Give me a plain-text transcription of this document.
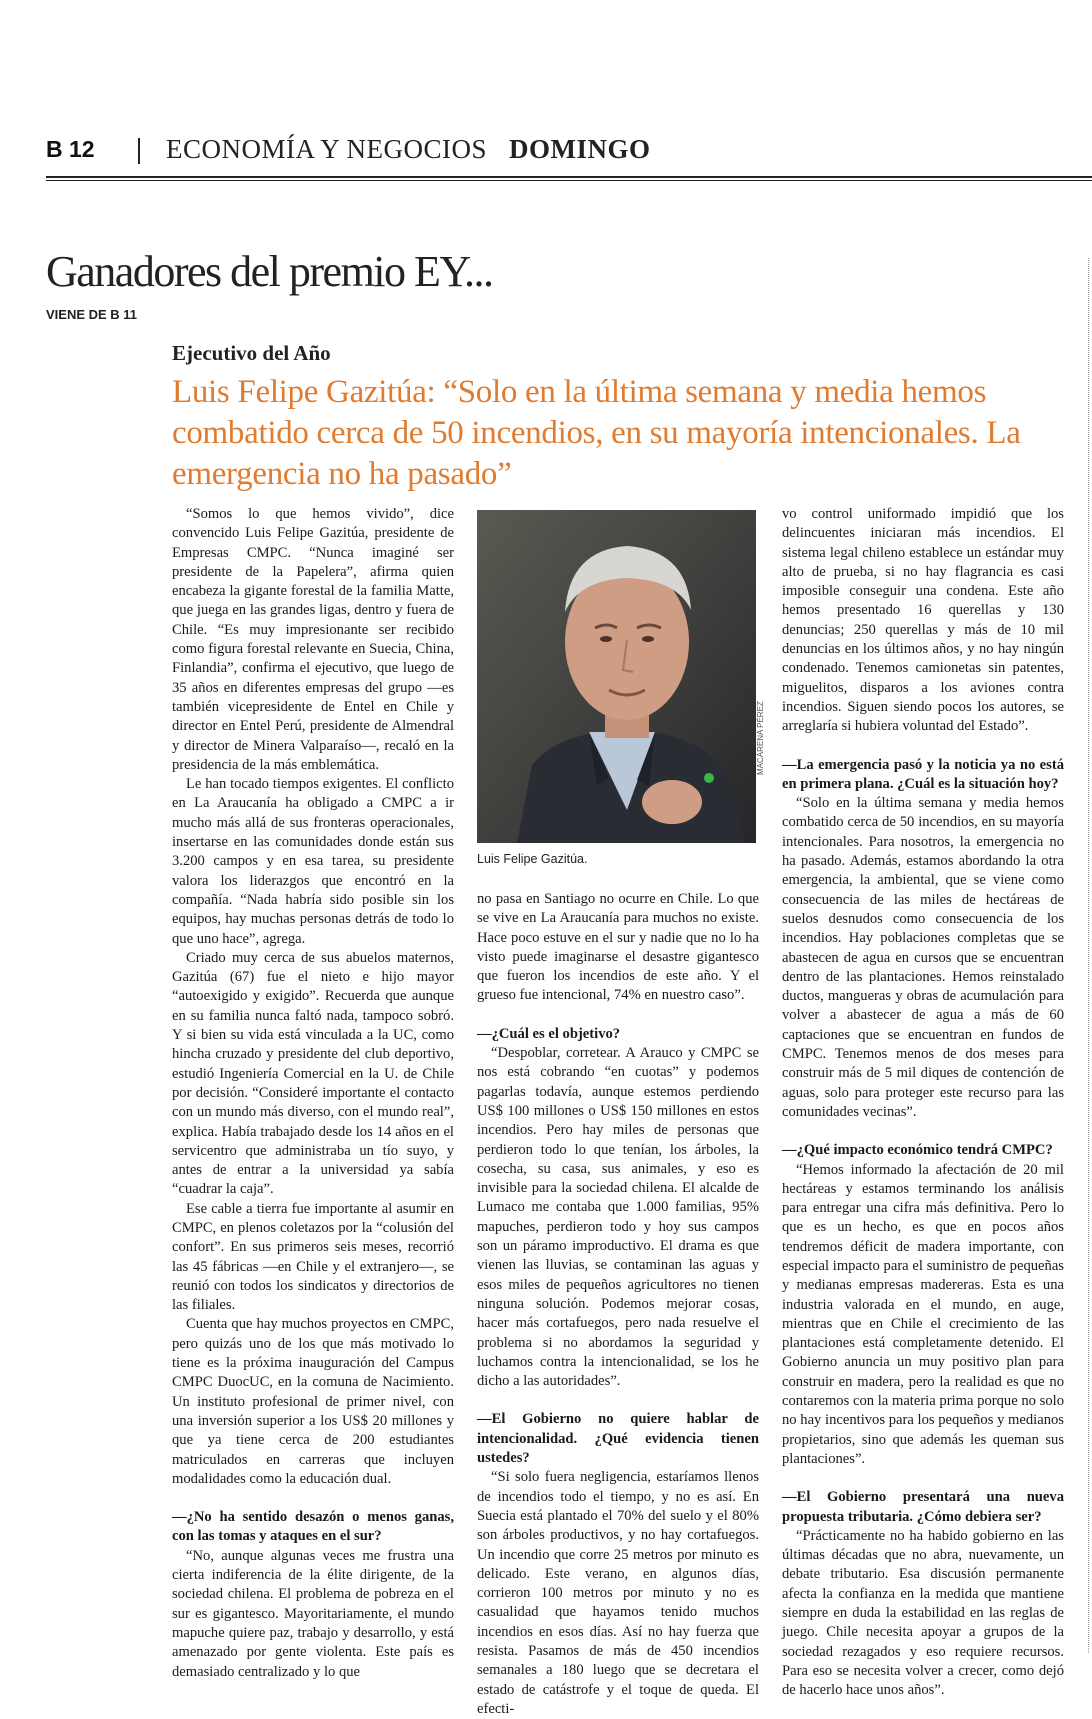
B 12	ECONOMÍA Y NEGOCIOS DOMINGO
Ganadores del premio EY...
VIENE DE B 11
Ejecutivo del Año
Luis Felipe Gazitúa: “Solo en la última semana y media hemos combatido cerca de 50 incendios, en su mayoría intencionales. La emergencia no ha pasado”

“Somos lo que hemos vivido”, dice convencido Luis Felipe Gazitúa, presidente de Empresas CMPC. “Nunca imaginé ser presidente de la Papelera”, afirma quien encabeza la gigante forestal de la familia Matte, que juega en las grandes ligas, dentro y fuera de Chile. “Es muy impresionante ser recibido como figura forestal relevante en Suecia, China, Finlandia”, confirma el ejecutivo, que luego de 35 años en diferentes empresas del grupo —es también vicepresidente de Entel en Chile y director en Entel Perú, presidente de Almendral y director de Minera Valparaíso—, recaló en la presidencia de la más emblemática.

Le han tocado tiempos exigentes. El conflicto en La Araucanía ha obligado a CMPC a ir mucho más allá de sus fronteras operacionales, insertarse en las comunidades donde están sus 3.200 campos y en esa tarea, su presidente valora los liderazgos que encontró en la compañía. “Nada habría sido posible sin los equipos, hay muchas personas detrás de todo lo que uno hace”, agrega.

Criado muy cerca de sus abuelos maternos, Gazitúa (67) fue el nieto e hijo mayor “autoexigido y exigido”. Recuerda que aunque en su familia nunca faltó nada, tampoco sobró. Y si bien su vida está vinculada a la UC, como hincha cruzado y presidente del club deportivo, estudió Ingeniería Comercial en la U. de Chile por decisión. “Consideré importante el contacto con un mundo más diverso, con el mundo real”, explica. Había trabajado desde los 14 años en el servicentro que administraba un tío suyo, y antes de entrar a la universidad ya sabía “cuadrar la caja”.

Ese cable a tierra fue importante al asumir en CMPC, en plenos coletazos por la “colusión del confort”. En sus primeros seis meses, recorrió las 45 fábricas —en Chile y el extranjero—, se reunió con todos los sindicatos y directorios de las filiales.

Cuenta que hay muchos proyectos en CMPC, pero quizás uno de los que más motivado lo tiene es la próxima inauguración del Campus CMPC DuocUC, en la comuna de Nacimiento. Un instituto profesional de primer nivel, con una inversión superior a los US$ 20 millones y que ya tiene cerca de 200 estudiantes matriculados en carreras que incluyen modalidades como la educación dual.

—¿No ha sentido desazón o menos ganas, con las tomas y ataques en el sur?

“No, aunque algunas veces me frustra una cierta indiferencia de la élite dirigente, de la sociedad chilena. El problema de pobreza en el sur es gigantesco. Mayoritariamente, el mundo mapuche quiere paz, trabajo y desarrollo, y está amenazado por gente violenta. Este país es demasiado centralizado y lo que

MACARENA PÉREZ
Luis Felipe Gazitúa.

no pasa en Santiago no ocurre en Chile. Lo que se vive en La Araucanía para muchos no existe. Hace poco estuve en el sur y nadie que no lo ha visto puede imaginarse el desastre gigantesco que fueron los incendios de este año. Y el grueso fue intencional, 74% en nuestro caso”.

—¿Cuál es el objetivo?

“Despoblar, corretear. A Arauco y CMPC se nos está cobrando “en cuotas” y podemos pagarlas todavía, aunque estemos perdiendo US$ 100 millones o US$ 150 millones en estos incendios. Pero hay miles de personas que perdieron todo lo que tenían, los árboles, la cosecha, su casa, sus animales, y eso es invisible para la sociedad chilena. El alcalde de Lumaco me contaba que 1.000 familias, 95% mapuches, perdieron todo y hoy sus campos son un páramo improductivo. El drama es que vienen las lluvias, se contaminan las aguas y esos miles de pequeños agricultores no tienen ninguna solución. Podemos mejorar cosas, hacer más cortafuegos, pero nada resuelve el problema si no abordamos la seguridad y luchamos contra la intencionalidad, se los he dicho a las autoridades”.

—El Gobierno no quiere hablar de intencionalidad. ¿Qué evidencia tienen ustedes?

“Si solo fuera negligencia, estaríamos llenos de incendios todo el tiempo, y no es así. En Suecia está plantado el 70% del suelo y el 80% son árboles productivos, y no hay cortafuegos. Un incendio que corre 25 metros por minuto es delicado. Este verano, en algunos días, corrieron 100 metros por minuto y no es casualidad que hayamos tenido muchos incendios en esos días. Así no hay fuerza que resista. Pasamos de más de 450 incendios semanales a 180 luego que se decretara el estado de catástrofe y el toque de queda. El efecti-

vo control uniformado impidió que los delincuentes iniciaran más incendios. El sistema legal chileno establece un estándar muy alto de prueba, si no hay flagrancia es casi imposible conseguir una condena. Este año hemos presentado 16 querellas y 130 denuncias; 250 querellas y más de 10 mil denuncias en los últimos años, y no hay ningún condenado. Tenemos camionetas sin patentes, miguelitos, disparos a los aviones contra incendios. Siguen siendo pocos los autores, se arreglaría si hubiera voluntad del Estado”.

—La emergencia pasó y la noticia ya no está en primera plana. ¿Cuál es la situación hoy?

“Solo en la última semana y media hemos combatido cerca de 50 incendios, en su mayoría intencionales. Para nosotros, la emergencia no ha pasado. Además, estamos abordando la otra emergencia, la ambiental, que se viene como consecuencia de las miles de hectáreas de suelos desnudos como consecuencia de los incendios. Hay poblaciones completas que se abastecen de agua en cursos que se encuentran dentro de las plantaciones. Hemos reinstalado ductos, mangueras y obras de acumulación para volver a abastecer de agua a más de 60 captaciones que se encuentran en fundos de CMPC. Tenemos menos de dos meses para construir más de 5 mil diques de contención de aguas, solo para proteger este recurso para las comunidades vecinas”.

—¿Qué impacto económico tendrá CMPC?

“Hemos informado la afectación de 20 mil hectáreas y estamos terminando los análisis para entregar una cifra más definitiva. Pero lo que es un hecho, es que en pocos años tendremos déficit de madera importante, con especial impacto para el suministro de pequeñas y medianas empresas madereras. Esta es una industria valorada en el mundo, en auge, mientras que en Chile el crecimiento de las plantaciones está completamente detenido. El Gobierno anuncia un muy positivo plan para construir en madera, pero la realidad es que no contaremos con la materia prima porque no solo no hay incentivos para los pequeños y medianos propietarios, sino que además les queman sus plantaciones”.

—El Gobierno presentará una nueva propuesta tributaria. ¿Cómo debiera ser?

“Prácticamente no ha habido gobierno en las últimas décadas que no abra, nuevamente, un debate tributario. Esa discusión permanente afecta la confianza en la medida que mantiene siempre en duda la estabilidad en las reglas de juego. Chile necesita apoyar a grupos de la sociedad rezagados y eso requiere recursos. Para eso se necesita volver a crecer, como dejó de hacerlo hace unos años”.
